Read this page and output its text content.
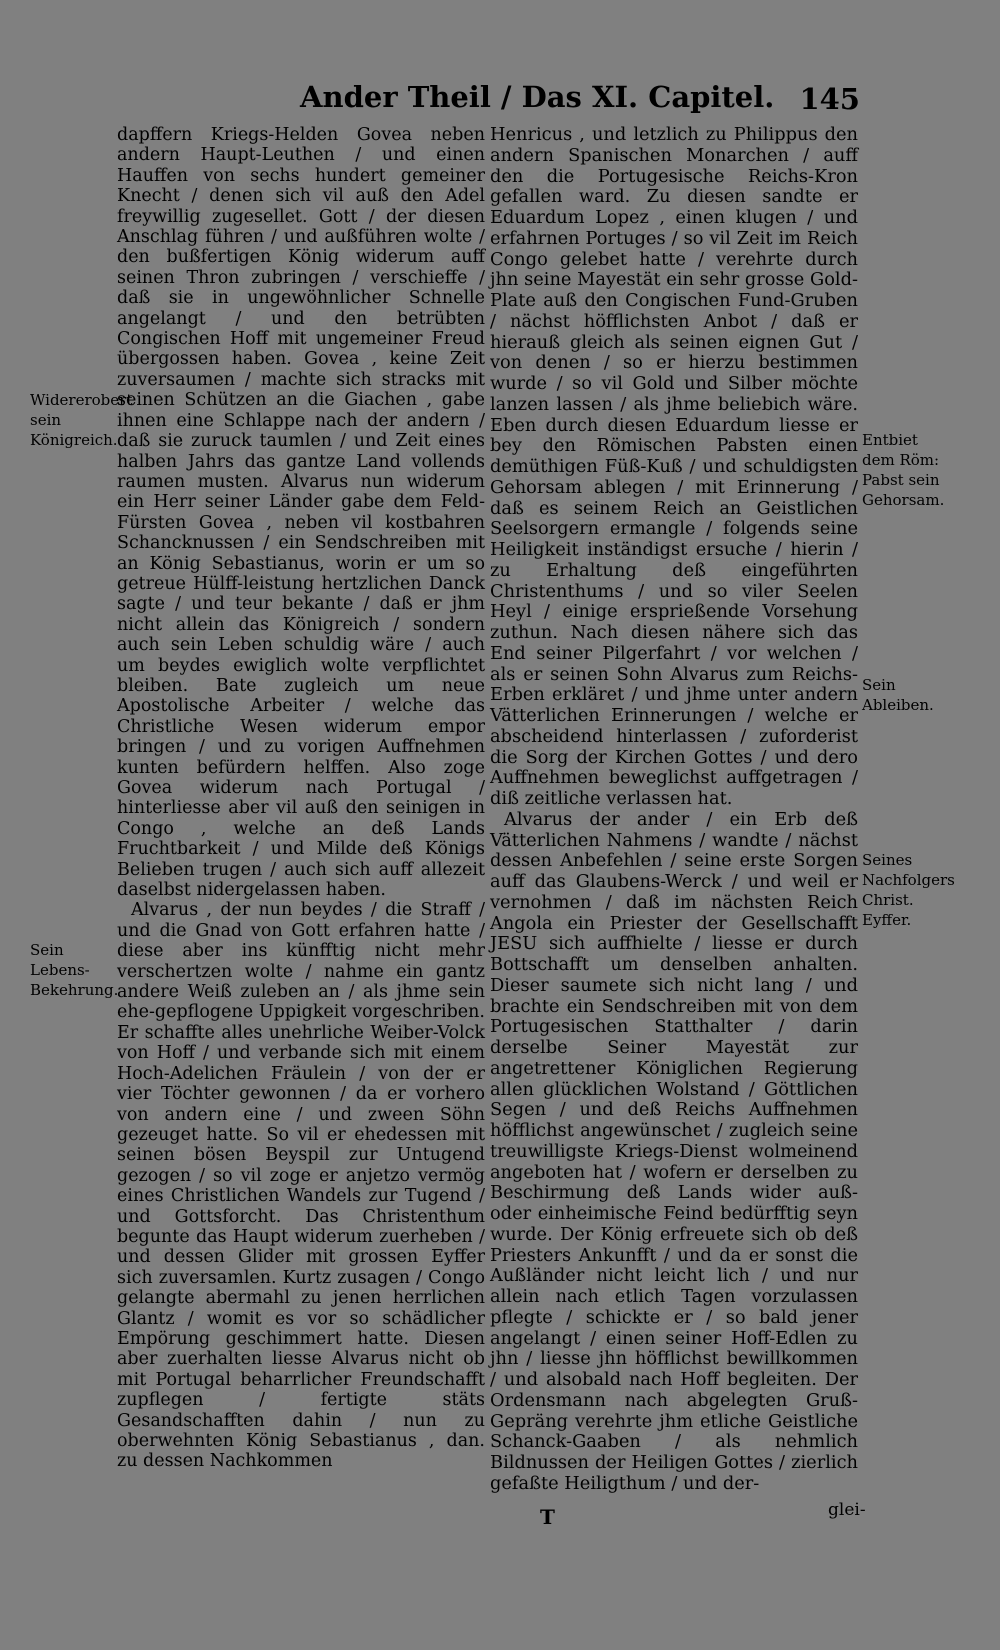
Ander Theil / Das XI. Capitel. 145

dapffern Kriegs-Helden Govea neben andern Haupt-Leuthen / und einen Hauffen von sechs hundert gemeiner Knecht / denen sich vil auß den Adel freywillig zugesellet. Gott / der diesen Anschlag führen / und außführen wolte / den bußfertigen König widerum auff seinen Thron zubringen / verschieffe / daß sie in ungewöhnlicher Schnelle angelangt / und den betrübten Congischen Hoff mit ungemeiner Freud übergossen haben. Govea , keine Zeit zuversaumen / machte sich stracks mit seinen Schützen an die Giachen , gabe ihnen eine Schlappe nach der andern / daß sie zuruck taumlen / und Zeit eines halben Jahrs das gantze Land vollends raumen musten. Alvarus nun widerum ein Herr seiner Länder gabe dem Feld-Fürsten Govea , neben vil kostbahren Schancknussen / ein Sendschreiben mit an König Sebastianus, worin er um so getreue Hülff-leistung hertzlichen Danck sagte / und teur bekante / daß er jhm nicht allein das Königreich / sondern auch sein Leben schuldig wäre / auch um beydes ewiglich wolte verpflichtet bleiben. Bate zugleich um neue Apostolische Arbeiter / welche das Christliche Wesen widerum empor bringen / und zu vorigen Auffnehmen kunten befürdern helffen. Also zoge Govea widerum nach Portugal / hinterliesse aber vil auß den seinigen in Congo , welche an deß Lands Fruchtbarkeit / und Milde deß Königs Belieben trugen / auch sich auff allezeit daselbst nidergelassen haben.

Alvarus , der nun beydes / die Straff / und die Gnad von Gott erfahren hatte / diese aber ins künfftig nicht mehr verschertzen wolte / nahme ein gantz andere Weiß zuleben an / als jhme sein ehe-gepflogene Uppigkeit vorgeschriben. Er schaffte alles unehrliche Weiber-Volck von Hoff / und verbande sich mit einem Hoch-Adelichen Fräulein / von der er vier Töchter gewonnen / da er vorhero von andern eine / und zween Söhn gezeuget hatte. So vil er ehedessen mit seinen bösen Beyspil zur Untugend gezogen / so vil zoge er anjetzo vermög eines Christlichen Wandels zur Tugend / und Gottsforcht. Das Christenthum begunte das Haupt widerum zuerheben / und dessen Glider mit grossen Eyffer sich zuversamlen. Kurtz zusagen / Congo gelangte abermahl zu jenen herrlichen Glantz / womit es vor so schädlicher Empörung geschimmert hatte. Diesen aber zuerhalten liesse Alvarus nicht ob mit Portugal beharrlicher Freundschafft zupflegen / fertigte stäts Gesandschafften dahin / nun zu oberwehnten König Sebastianus , dan. zu dessen Nachkommen

Henricus , und letzlich zu Philippus den andern Spanischen Monarchen / auff den die Portugesische Reichs-Kron gefallen ward. Zu diesen sandte er Eduardum Lopez , einen klugen / und erfahrnen Portuges / so vil Zeit im Reich Congo gelebet hatte / verehrte durch jhn seine Mayestät ein sehr grosse Gold-Plate auß den Congischen Fund-Gruben / nächst höfflichsten Anbot / daß er hierauß gleich als seinen eignen Gut / von denen / so er hierzu bestimmen wurde / so vil Gold und Silber möchte lanzen lassen / als jhme beliebich wäre. Eben durch diesen Eduardum liesse er bey den Römischen Pabsten einen demüthigen Füß-Kuß / und schuldigsten Gehorsam ablegen / mit Erinnerung / daß es seinem Reich an Geistlichen Seelsorgern ermangle / folgends seine Heiligkeit inständigst ersuche / hierin / zu Erhaltung deß eingeführten Christenthums / und so viler Seelen Heyl / einige ersprießende Vorsehung zuthun. Nach diesen nähere sich das End seiner Pilgerfahrt / vor welchen / als er seinen Sohn Alvarus zum Reichs-Erben erkläret / und jhme unter andern Vätterlichen Erinnerungen / welche er abscheidend hinterlassen / zuforderist die Sorg der Kirchen Gottes / und dero Auffnehmen beweglichst auffgetragen / diß zeitliche verlassen hat.

Alvarus der ander / ein Erb deß Vätterlichen Nahmens / wandte / nächst dessen Anbefehlen / seine erste Sorgen auff das Glaubens-Werck / und weil er vernohmen / daß im nächsten Reich Angola ein Priester der Gesellschafft JESU sich auffhielte / liesse er durch Bottschafft um denselben anhalten. Dieser saumete sich nicht lang / und brachte ein Sendschreiben mit von dem Portugesischen Statthalter / darin derselbe Seiner Mayestät zur angetrettener Königlichen Regierung allen glücklichen Wolstand / Göttlichen Segen / und deß Reichs Auffnehmen höfflichst angewünschet / zugleich seine treuwilligste Kriegs-Dienst wolmeinend angeboten hat / wofern er derselben zu Beschirmung deß Lands wider auß- oder einheimische Feind bedürfftig seyn wurde. Der König erfreuete sich ob deß Priesters Ankunfft / und da er sonst die Außländer nicht leicht lich / und nur allein nach etlich Tagen vorzulassen pflegte / schickte er / so bald jener angelangt / einen seiner Hoff-Edlen zu jhn / liesse jhn höfflichst bewillkommen / und alsobald nach Hoff begleiten. Der Ordensmann nach abgelegten Gruß-Gepräng verehrte jhm etliche Geistliche Schanck-Gaaben / als nehmlich Bildnussen der Heiligen Gottes / zierlich gefaßte Heiligthum / und der-

Widererobert sein Königreich.
Sein Lebens-Bekehrung.
Entbiet dem Röm: Pabst sein Gehorsam.
Sein Ableiben.
Seines Nachfolgers Christ. Eyffer.
T	glei-
